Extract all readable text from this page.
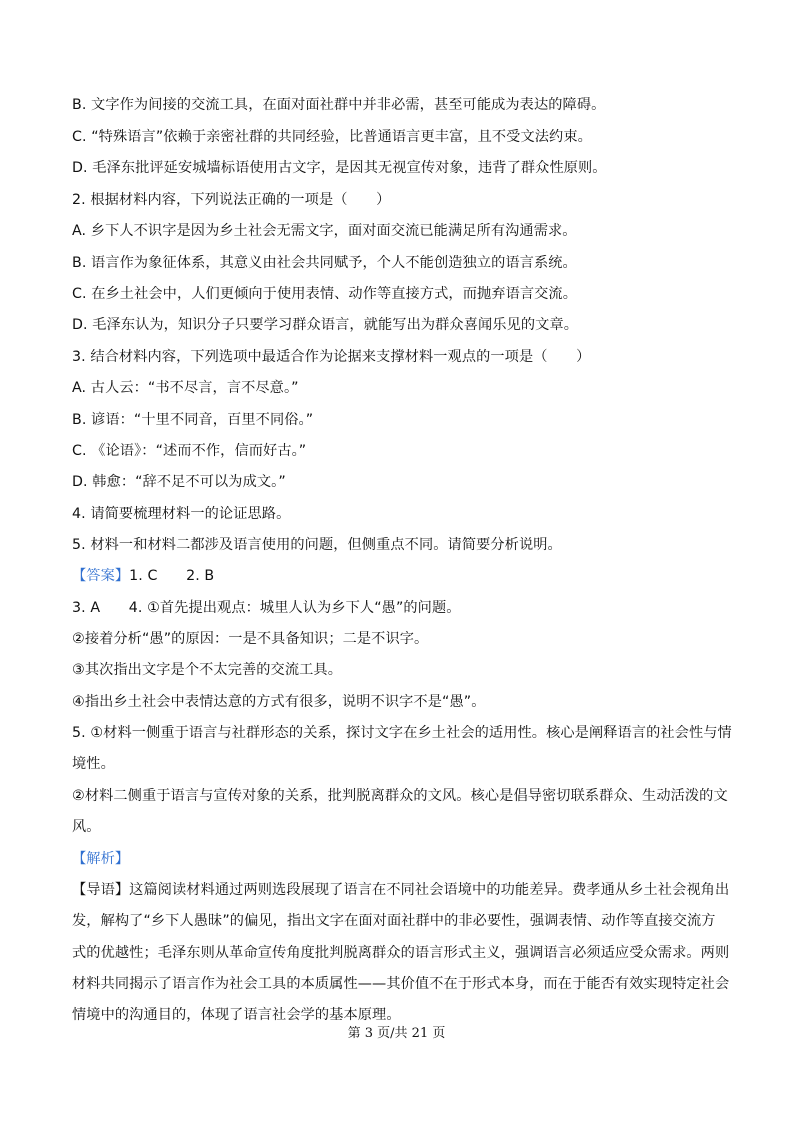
B. 文字作为间接的交流工具，在面对面社群中并非必需，甚至可能成为表达的障碍。
C. “特殊语言”依赖于亲密社群的共同经验，比普通语言更丰富，且不受文法约束。
D. 毛泽东批评延安城墙标语使用古文字，是因其无视宣传对象，违背了群众性原则。
2. 根据材料内容，下列说法正确的一项是（　　）
A. 乡下人不识字是因为乡土社会无需文字，面对面交流已能满足所有沟通需求。
B. 语言作为象征体系，其意义由社会共同赋予，个人不能创造独立的语言系统。
C. 在乡土社会中，人们更倾向于使用表情、动作等直接方式，而抛弃语言交流。
D. 毛泽东认为，知识分子只要学习群众语言，就能写出为群众喜闻乐见的文章。
3. 结合材料内容，下列选项中最适合作为论据来支撑材料一观点的一项是（　　）
A. 古人云：“书不尽言，言不尽意。”
B. 谚语：“十里不同音，百里不同俗。”
C. 《论语》：“述而不作，信而好古。”
D. 韩愈：“辞不足不可以为成文。”
4. 请简要梳理材料一的论证思路。
5. 材料一和材料二都涉及语言使用的问题，但侧重点不同。请简要分析说明。
【答案】1. C　　2. B
3. A　　4. ①首先提出观点：城里人认为乡下人“愚”的问题。
②接着分析“愚”的原因：一是不具备知识；二是不识字。
③其次指出文字是个不太完善的交流工具。
④指出乡土社会中表情达意的方式有很多，说明不识字不是“愚”。
5. ①材料一侧重于语言与社群形态的关系，探讨文字在乡土社会的适用性。核心是阐释语言的社会性与情
境性。
②材料二侧重于语言与宣传对象的关系，批判脱离群众的文风。核心是倡导密切联系群众、生动活泼的文
风。
【解析】
【导语】这篇阅读材料通过两则选段展现了语言在不同社会语境中的功能差异。费孝通从乡土社会视角出
发，解构了“乡下人愚昧”的偏见，指出文字在面对面社群中的非必要性，强调表情、动作等直接交流方
式的优越性；毛泽东则从革命宣传角度批判脱离群众的语言形式主义，强调语言必须适应受众需求。两则
材料共同揭示了语言作为社会工具的本质属性——其价值不在于形式本身，而在于能否有效实现特定社会
情境中的沟通目的，体现了语言社会学的基本原理。
第 3 页/共 21 页
